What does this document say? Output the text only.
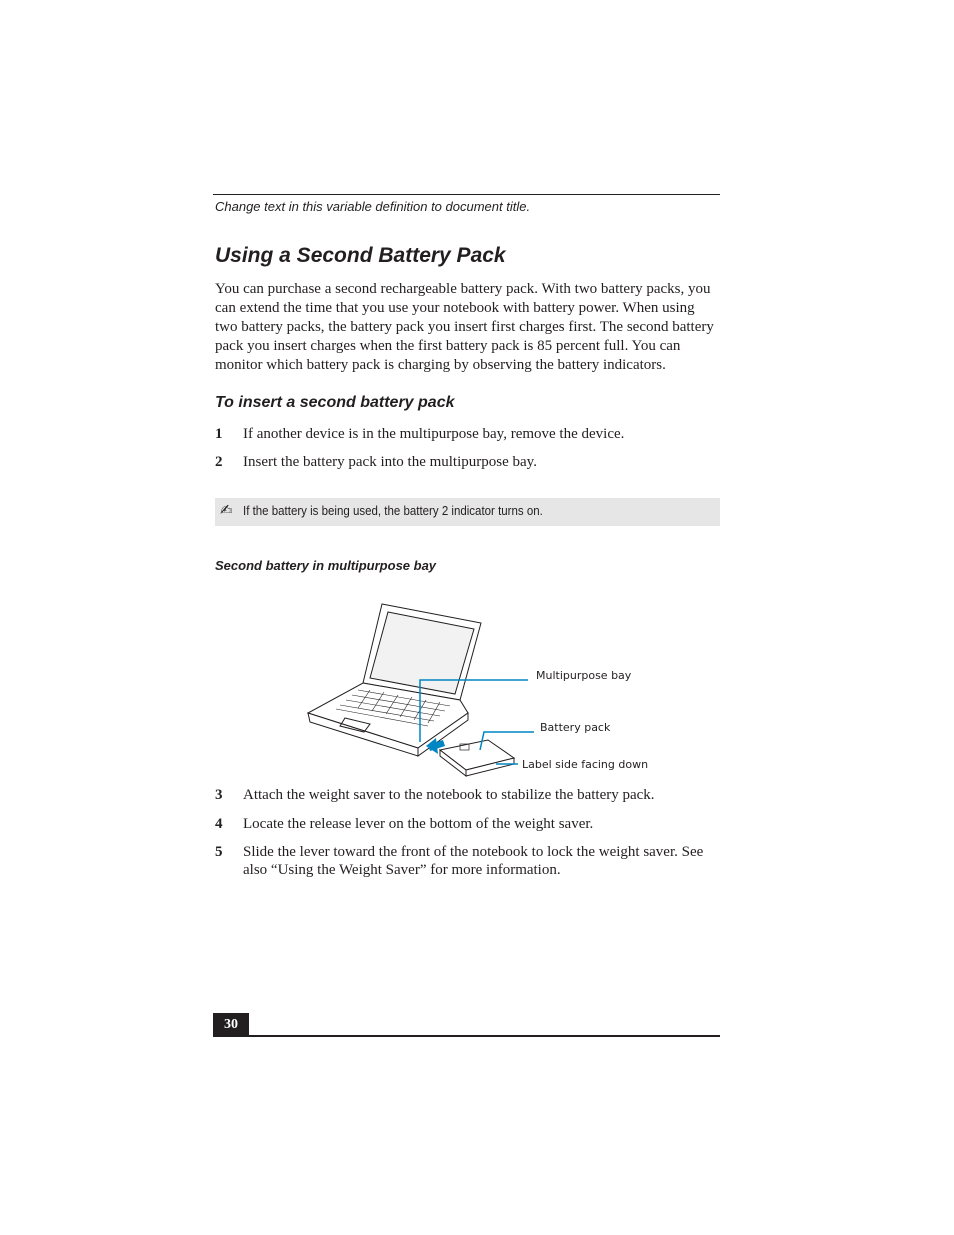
Change text in this variable definition to document title.
Using a Second Battery Pack

You can purchase a second rechargeable battery pack. With two battery packs, you can extend the time that you use your notebook with battery power. When using two battery packs, the battery pack you insert first charges first. The second battery pack you insert charges when the first battery pack is 85 percent full. You can monitor which battery pack is charging by observing the battery indicators.

To insert a second battery pack
1 If another device is in the multipurpose bay, remove the device.
2 Insert the battery pack into the multipurpose bay.
✍ If the battery is being used, the battery 2 indicator turns on.
Second battery in multipurpose bay
Multipurpose bay
Battery pack
Label side facing down
3 Attach the weight saver to the notebook to stabilize the battery pack.
4 Locate the release lever on the bottom of the weight saver.
5 Slide the lever toward the front of the notebook to lock the weight saver. See also “Using the Weight Saver” for more information.
30
